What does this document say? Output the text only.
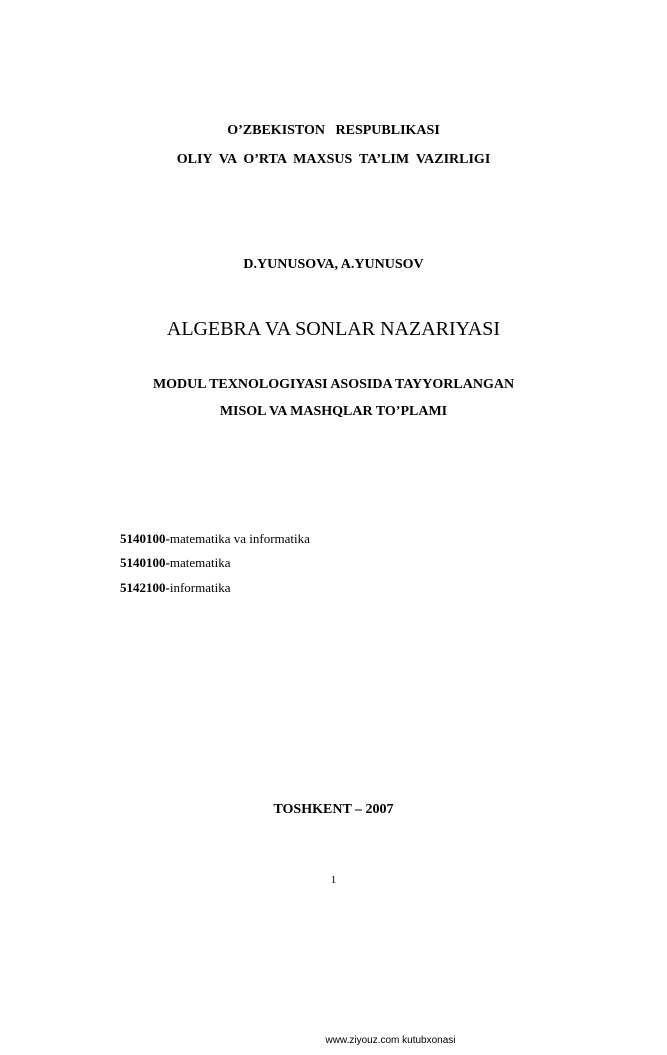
O’ZBEKISTON   RESPUBLIKASI
OLIY  VA  O’RTA  MAXSUS  TA’LIM  VAZIRLIGI
D.YUNUSOVA, A.YUNUSOV
ALGEBRA VA SONLAR NAZARIYASI
MODUL TEXNOLOGIYASI ASOSIDA TAYYORLANGAN
MISOL VA MASHQLAR TO’PLAMI
5140100-matematika va informatika
5140100-matematika
5142100-informatika
TOSHKENT – 2007
1
www.ziyouz.com kutubxonasi
